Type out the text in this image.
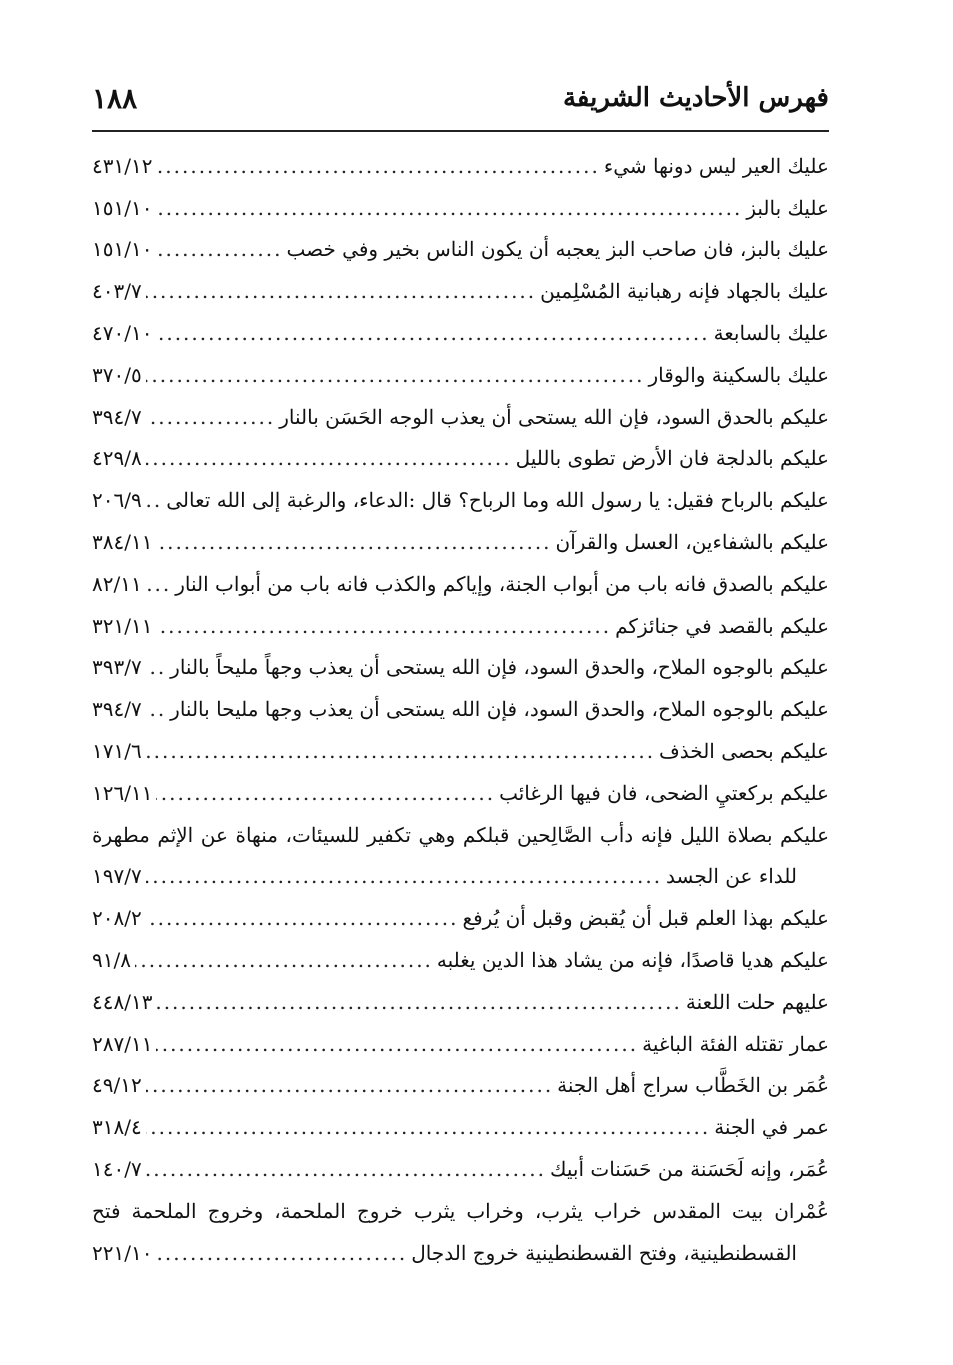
فهرس الأحاديث الشريفة
١٨٨
عليك العير ليس دونها شيء
.....
٤٣١/١٢
عليك بالبز
.....
١٥١/١٠
عليك بالبز، فان صاحب البز يعجبه أن يكون الناس بخير وفي خصب
.....
١٥١/١٠
عليك بالجهاد فإنه رهبانية المُسْلِمين
.....
٤٠٣/٧
عليك بالسابعة
.....
٤٧٠/١٠
عليك بالسكينة والوقار
.....
٣٧٠/٥
عليكم بالحدق السود، فإن الله يستحى أن يعذب الوجه الحَسَن بالنار
.....
٣٩٤/٧
عليكم بالدلجة فان الأرض تطوى بالليل
.....
٤٢٩/٨
عليكم بالرباح فقيل: يا رسول الله وما الرباح؟ قال :الدعاء، والرغبة إلى الله تعالى
.....
٢٠٦/٩
عليكم بالشفاءين، العسل والقرآن
.....
٣٨٤/١١
عليكم بالصدق فانه باب من أبواب الجنة، وإياكم والكذب فانه باب من أبواب النار
.....
٨٢/١١
عليكم بالقصد في جنائزكم
.....
٣٢١/١١
عليكم بالوجوه الملاح، والحدق السود، فإن الله يستحى أن يعذب وجهاً مليحاً بالنار
.....
٣٩٣/٧
عليكم بالوجوه الملاح، والحدق السود، فإن الله يستحى أن يعذب وجها مليحا بالنار
.....
٣٩٤/٧
عليكم بحصى الخذف
.....
١٧١/٦
عليكم بركعتيِ الضحى، فان فيها الرغائب
.....
١٢٦/١١
عليكم بصلاة الليل فإنه دأب الصَّالِحين قبلكم وهي تكفير للسيئات، منهاة عن الإثم مطهرة
للداء عن الجسد
.....
١٩٧/٧
عليكم بهذا العلم قبل أن يُقبض وقبل أن يُرفع
.....
٢٠٨/٢
عليكم هديا قاصدًا، فإنه من يشاد هذا الدين يغلبه
.....
٩١/٨
عليهم حلت اللعنة
.....
٤٤٨/١٣
عمار تقتله الفئة الباغية
.....
٢٨٧/١١
عُمَر بن الخَطَّاب سراج أهل الجنة
.....
٤٩/١٢
عمر في الجنة
.....
٣١٨/٤
عُمَر، وإنه لَحَسَنة من حَسَنات أبيك
.....
١٤٠/٧
عُمْران بيت المقدس خراب يثرب، وخراب يثرب خروج الملحمة، وخروج الملحمة فتح
القسطنطينية، وفتح القسطنطينية خروج الدجال
.....
٢٢١/١٠
